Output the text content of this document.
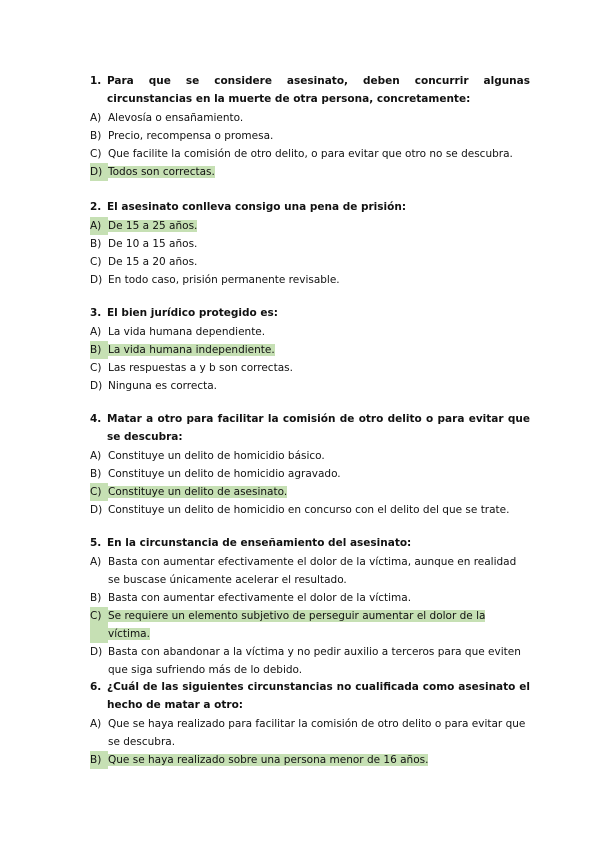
1. Para que se considere asesinato, deben concurrir algunas circunstancias en la muerte de otra persona, concretamente:
A) Alevosía o ensañamiento.
B) Precio, recompensa o promesa.
C) Que facilite la comisión de otro delito, o para evitar que otro no se descubra.
D) Todos son correctas.
2. El asesinato conlleva consigo una pena de prisión:
A) De 15 a 25 años.
B) De 10 a 15 años.
C) De 15 a 20 años.
D) En todo caso, prisión permanente revisable.
3. El bien jurídico protegido es:
A) La vida humana dependiente.
B) La vida humana independiente.
C) Las respuestas a y b son correctas.
D) Ninguna es correcta.
4. Matar a otro para facilitar la comisión de otro delito o para evitar que se descubra:
A) Constituye un delito de homicidio básico.
B) Constituye un delito de homicidio agravado.
C) Constituye un delito de asesinato.
D) Constituye un delito de homicidio en concurso con el delito del que se trate.
5. En la circunstancia de enseñamiento del asesinato:
A) Basta con aumentar efectivamente el dolor de la víctima, aunque en realidad se buscase únicamente acelerar el resultado.
B) Basta con aumentar efectivamente el dolor de la víctima.
C) Se requiere un elemento subjetivo de perseguir aumentar el dolor de la víctima.
D) Basta con abandonar a la víctima y no pedir auxilio a terceros para que eviten que siga sufriendo más de lo debido.
6. ¿Cuál de las siguientes circunstancias no cualificada como asesinato el hecho de matar a otro:
A) Que se haya realizado para facilitar la comisión de otro delito o para evitar que se descubra.
B) Que se haya realizado sobre una persona menor de 16 años.
